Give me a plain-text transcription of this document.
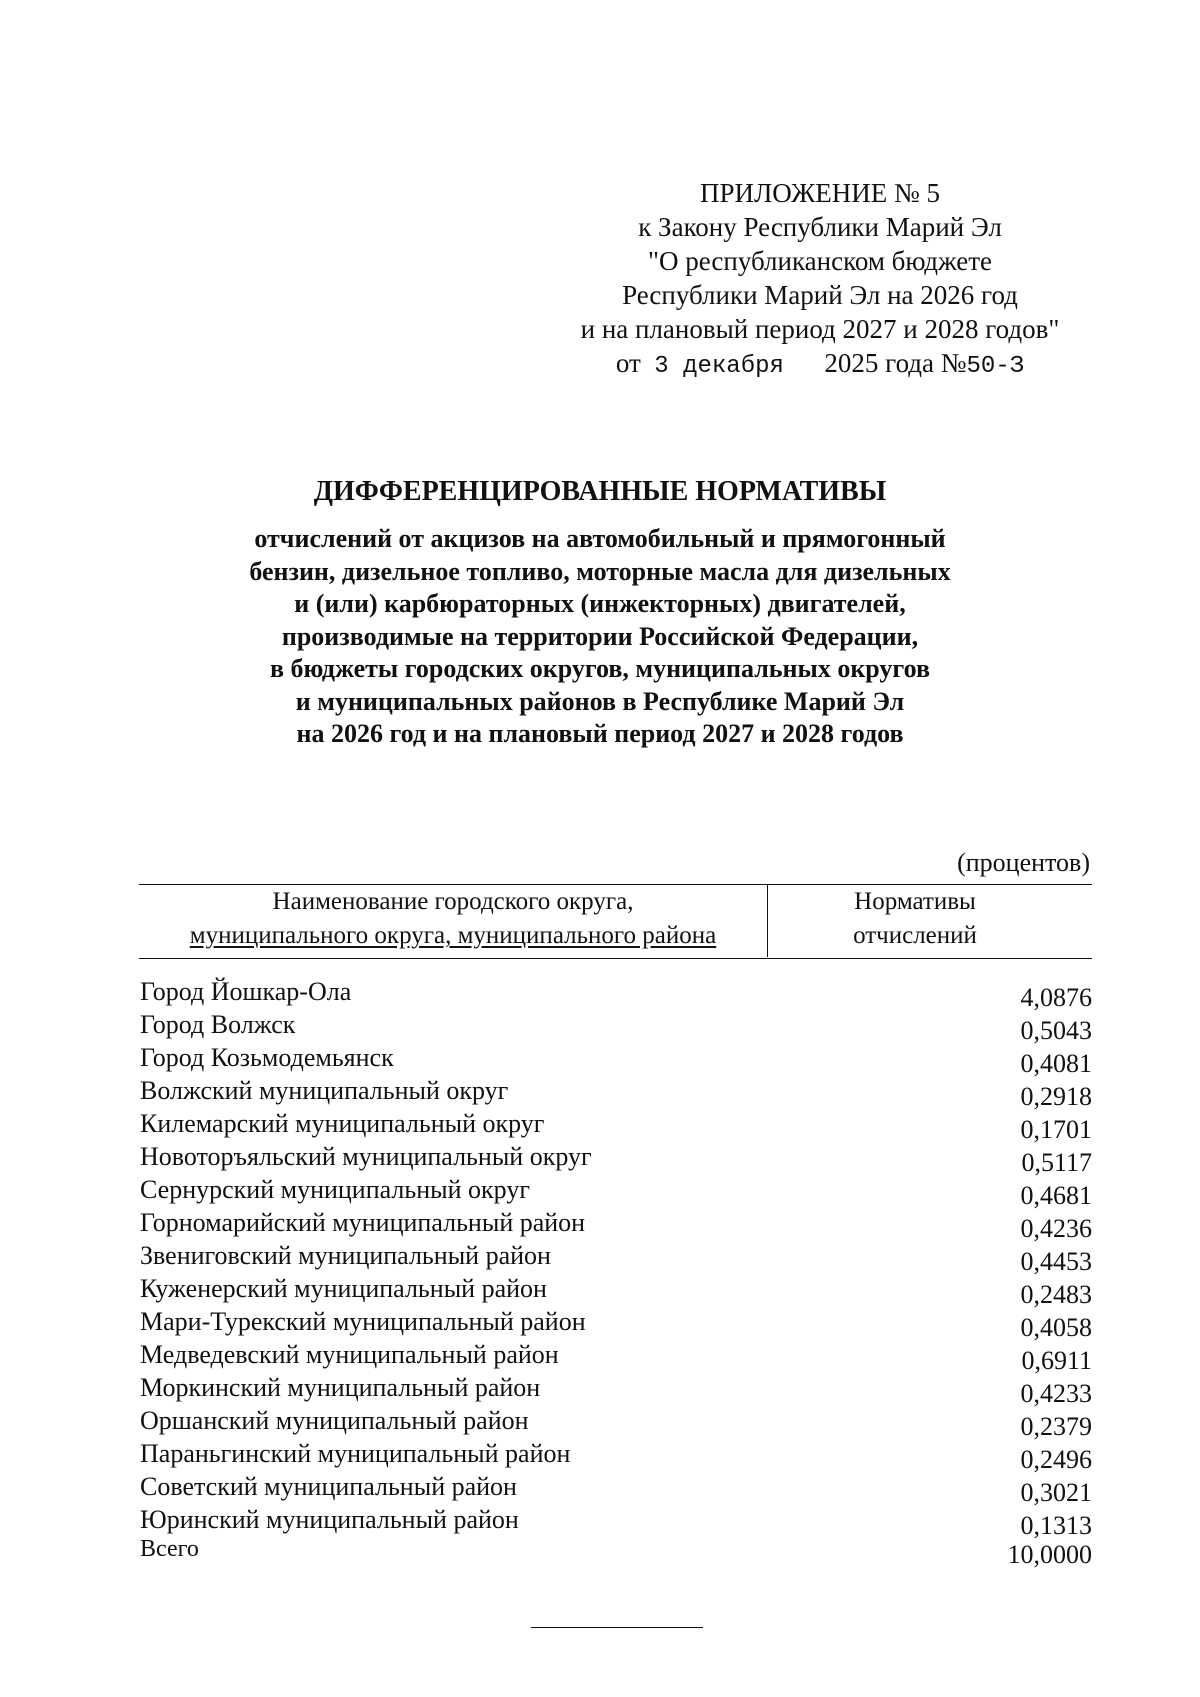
ПРИЛОЖЕНИЕ № 5
к Закону Республики Марий Эл
"О республиканском бюджете
Республики Марий Эл на 2026 год
и на плановый период 2027 и 2028 годов"
от 3 декабря 2025 года №50-З
ДИФФЕРЕНЦИРОВАННЫЕ НОРМАТИВЫ
отчислений от акцизов на автомобильный и прямогонный
бензин, дизельное топливо, моторные масла для дизельных
и (или) карбюраторных (инжекторных) двигателей,
производимые на территории Российской Федерации,
в бюджеты городских округов, муниципальных округов
и муниципальных районов в Республике Марий Эл
на 2026 год и на плановый период 2027 и 2028 годов
(процентов)
Наименование городского округа,
муниципального округа, муниципального района
Нормативы
отчислений
Город Йошкар-Ола	4,0876
Город Волжск	0,5043
Город Козьмодемьянск	0,4081
Волжский муниципальный округ	0,2918
Килемарский муниципальный округ	0,1701
Новоторъяльский муниципальный округ	0,5117
Сернурский муниципальный округ	0,4681
Горномарийский муниципальный район	0,4236
Звениговский муниципальный район	0,4453
Куженерский муниципальный район	0,2483
Мари-Турекский муниципальный район	0,4058
Медведевский муниципальный район	0,6911
Моркинский муниципальный район	0,4233
Оршанский муниципальный район	0,2379
Параньгинский муниципальный район	0,2496
Советский муниципальный район	0,3021
Юринский муниципальный район	0,1313
Всего	10,0000
